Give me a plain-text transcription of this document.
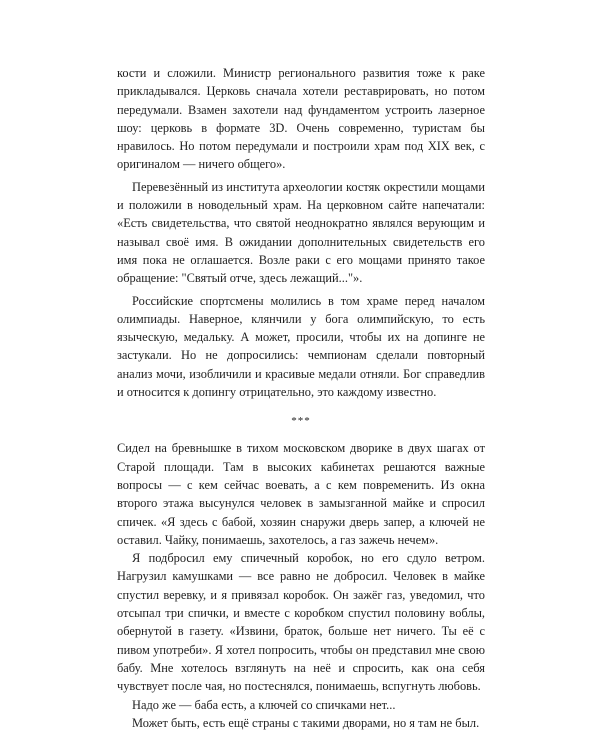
кости и сложили. Министр регионального развития тоже к раке прикладывался. Церковь сначала хотели реставрировать, но потом передумали. Взамен захотели над фундаментом устроить лазерное шоу: церковь в формате 3D. Очень современно, туристам бы нравилось. Но потом передумали и построили храм под XIX век, с оригиналом — ничего общего».

Перевезённый из института археологии костяк окрестили мощами и положили в новодельный храм. На церковном сайте напечатали: «Есть свидетельства, что святой неоднократно являлся верующим и называл своё имя. В ожидании дополнительных свидетельств его имя пока не оглашается. Возле раки с его мощами принято такое обращение: "Святый отче, здесь лежащий..."».

Российские спортсмены молились в том храме перед началом олимпиады. Наверное, клянчили у бога олимпийскую, то есть языческую, медальку. А может, просили, чтобы их на допинге не застукали. Но не допросились: чемпионам сделали повторный анализ мочи, изобличили и красивые медали отняли. Бог справедлив и относится к допингу отрицательно, это каждому известно.

***

Сидел на бревнышке в тихом московском дворике в двух шагах от Старой площади. Там в высоких кабинетах решаются важные вопросы — с кем сейчас воевать, а с кем повременить. Из окна второго этажа высунулся человек в замызганной майке и спросил спичек. «Я здесь с бабой, хозяин снаружи дверь запер, а ключей не оставил. Чайку, понимаешь, захотелось, а газ зажечь нечем».

Я подбросил ему спичечный коробок, но его сдуло ветром. Нагрузил камушками — все равно не добросил. Человек в майке спустил веревку, и я привязал коробок. Он зажёг газ, уведомил, что отсыпал три спички, и вместе с коробком спустил половину воблы, обернутой в газету. «Извини, браток, больше нет ничего. Ты её с пивом употреби». Я хотел попросить, чтобы он представил мне свою бабу. Мне хотелось взглянуть на неё и спросить, как она себя чувствует после чая, но постеснялся, понимаешь, вспугнуть любовь.

Надо же — баба есть, а ключей со спичками нет...

Может быть, есть ещё страны с такими дворами, но я там не был.
